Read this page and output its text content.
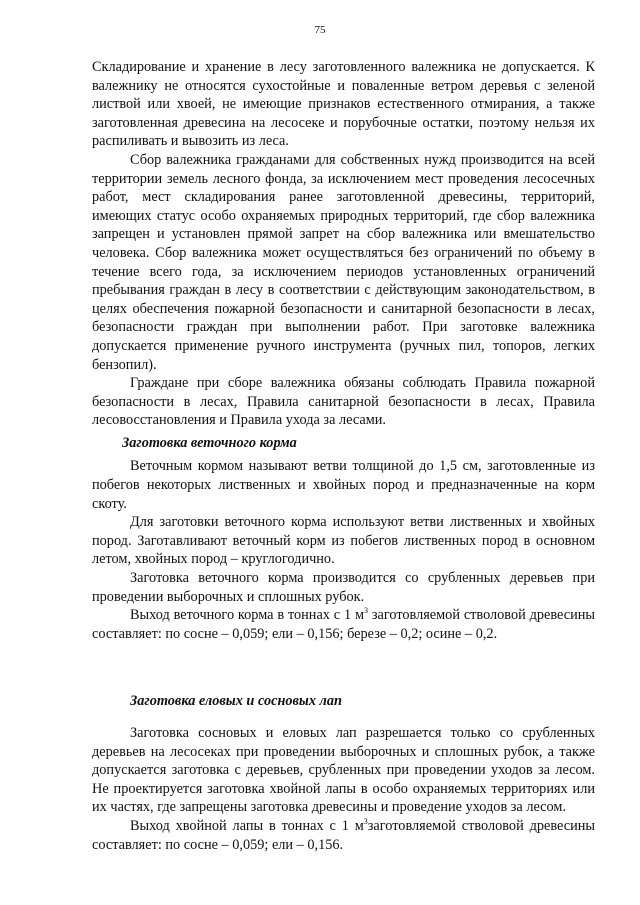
75

Складирование и хранение в лесу заготовленного валежника не допускается. К валежнику не относятся сухостойные и поваленные ветром деревья с зеленой листвой или хвоей, не имеющие признаков естественного отмирания, а также заготовленная древесина на лесосеке и порубочные остатки, поэтому нельзя их распиливать и вывозить из леса.

Сбор валежника гражданами для собственных нужд производится на всей территории земель лесного фонда, за исключением мест проведения лесосечных работ, мест складирования ранее заготовленной древесины, территорий, имеющих статус особо охраняемых природных территорий, где сбор валежника запрещен и установлен прямой запрет на сбор валежника или вмешательство человека. Сбор валежника может осуществляться без ограничений по объему в течение всего года, за исключением периодов установленных ограничений пребывания граждан в лесу в соответствии с действующим законодательством, в целях обеспечения пожарной безопасности и санитарной безопасности в лесах, безопасности граждан при выполнении работ. При заготовке валежника допускается применение ручного инструмента (ручных пил, топоров, легких бензопил).

Граждане при сборе валежника обязаны соблюдать Правила пожарной безопасности в лесах, Правила санитарной безопасности в лесах, Правила лесовосстановления и Правила ухода за лесами.

Заготовка веточного корма

Веточным кормом называют ветви толщиной до 1,5 см, заготовленные из побегов некоторых лиственных и хвойных пород и предназначенные на корм скоту.

Для заготовки веточного корма используют ветви лиственных и хвойных пород. Заготавливают веточный корм из побегов лиственных пород в основном летом, хвойных пород – круглогодично.

Заготовка веточного корма производится со срубленных деревьев при проведении выборочных и сплошных рубок.

Выход веточного корма в тоннах с 1 $м^3$ заготовляемой стволовой древесины составляет: по сосне – 0,059; ели – 0,156; березе – 0,2; осине – 0,2.

Заготовка еловых и сосновых лап

Заготовка сосновых и еловых лап разрешается только со срубленных деревьев на лесосеках при проведении выборочных и сплошных рубок, а также допускается заготовка с деревьев, срубленных при проведении уходов за лесом. Не проектируется заготовка хвойной лапы в особо охраняемых территориях или их частях, где запрещены заготовка древесины и проведение уходов за лесом.

Выход хвойной лапы в тоннах с 1 $м^3заготовляемой$ стволовой древесины составляет: по сосне – 0,059; ели – 0,156.
